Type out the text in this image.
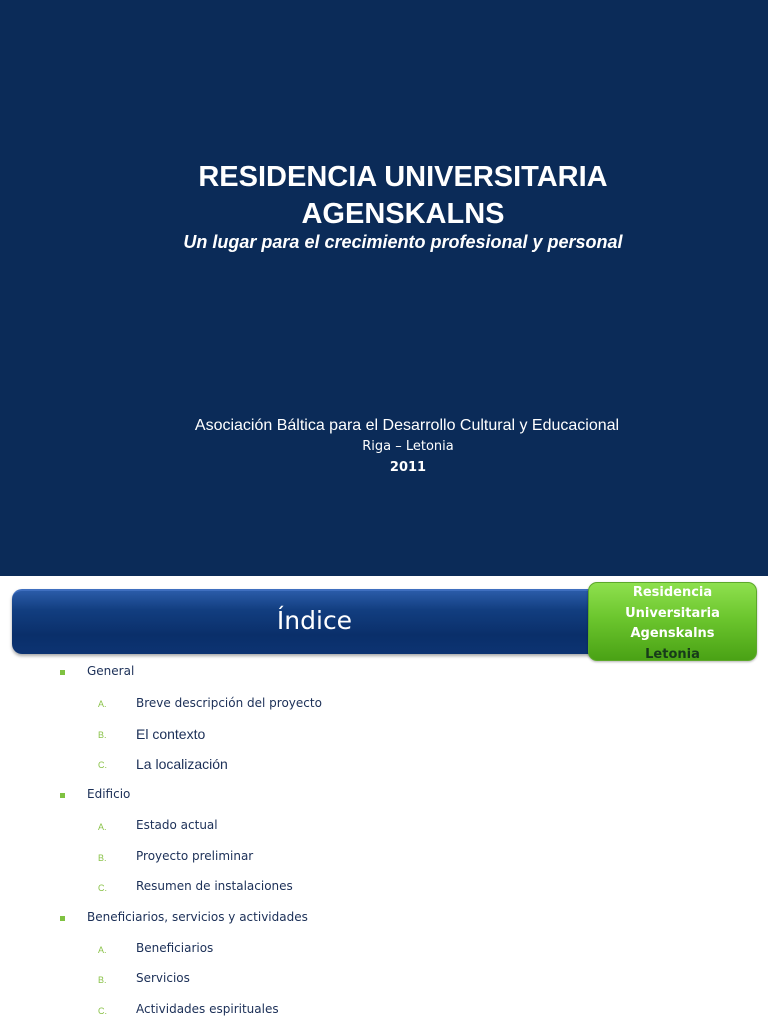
RESIDENCIA UNIVERSITARIA
AGENSKALNS
Un lugar para el crecimiento profesional y personal
Asociación Báltica para el Desarrollo Cultural y Educacional
Riga – Letonia
2011
Índice
Residencia
Universitaria
Agenskalns
Letonia
General
A. Breve descripción del proyecto
B. El contexto
C. La localización
Edificio
A. Estado actual
B. Proyecto preliminar
C. Resumen de instalaciones
Beneficiarios, servicios y actividades
A. Beneficiarios
B. Servicios
C. Actividades espirituales
